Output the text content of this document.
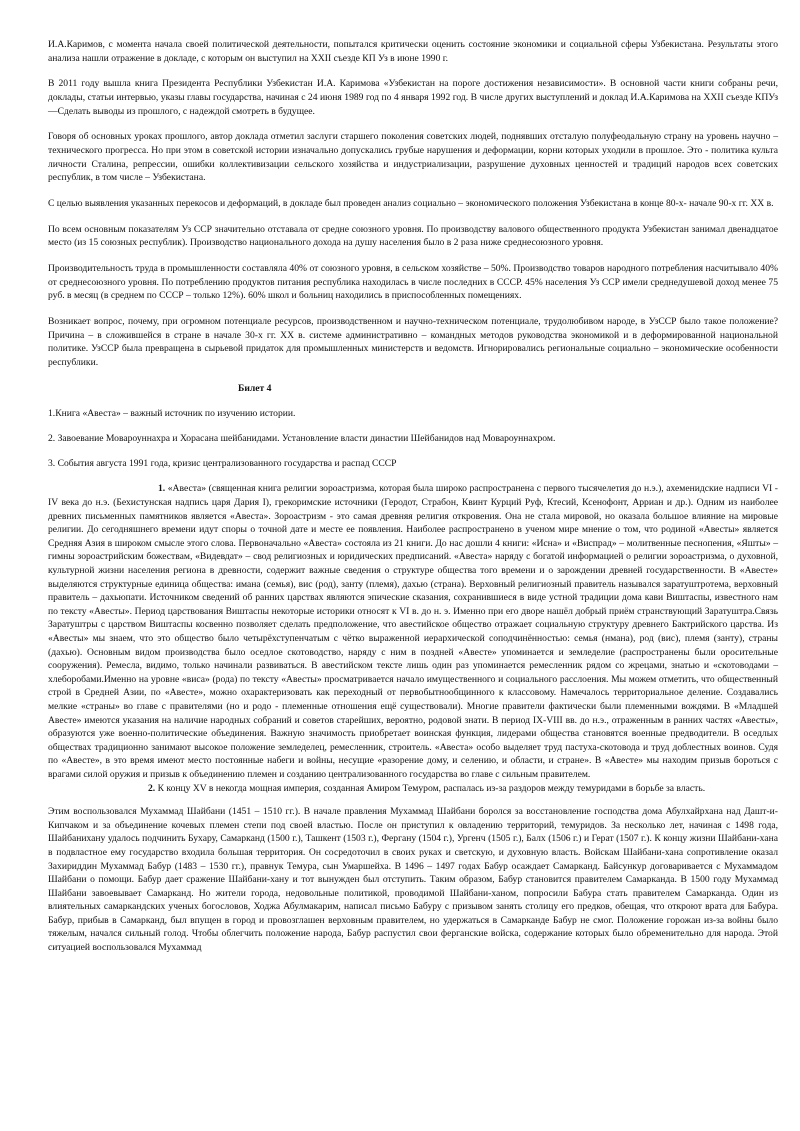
И.А.Каримов, с момента начала своей политической деятельности, попытался критически оценить состояние экономики и социальной сферы Узбекистана. Результаты этого анализа нашли отражение в докладе, с которым он выступил на XXII съезде КП Уз в июне 1990 г.

В 2011 году вышла книга Президента Республики Узбекистан И.А. Каримова «Узбекистан на пороге достижения независимости». В основной части книги собраны речи, доклады, статьи интервью, указы главы государства, начиная с 24 июня 1989 год по 4 января 1992 год. В числе других выступлений и доклад И.А.Каримова на XXII съезде КПУз —Сделать выводы из прошлого, с надеждой смотреть в будущее.

Говоря об основных уроках прошлого, автор доклада отметил заслуги старшего поколения советских людей, поднявших отсталую полуфеодальную страну на уровень научно – технического прогресса. Но при этом в советской истории изначально допускались грубые нарушения и деформации, корни которых уходили в прошлое. Это - политика культа личности Сталина, репрессии, ошибки коллективизации сельского хозяйства и индустриализации, разрушение духовных ценностей и традиций народов всех советских республик, в том числе – Узбекистана.

С целью выявления указанных перекосов и деформаций, в докладе был проведен анализ социально – экономического положения Узбекистана в конце 80-х- начале 90-х гг. XX в.

По всем основным показателям Уз ССР значительно отставала от средне союзного уровня. По производству валового общественного продукта Узбекистан занимал двенадцатое место (из 15 союзных республик). Производство национального дохода на душу населения было в 2 раза ниже среднесоюзного уровня.

Производительность труда в промышленности составляла 40% от союзного уровня, в сельском хозяйстве – 50%. Производство товаров народного потребления насчитывало 40% от среднесоюзного уровня. По потреблению продуктов питания республика находилась в числе последних в СССР. 45% населения Уз ССР имели среднедушевой доход менее 75 руб. в месяц (в среднем по СССР – только 12%). 60% школ и больниц находились в приспособленных помещениях.

Возникает вопрос, почему, при огромном потенциале ресурсов, производственном и научно-техническом потенциале, трудолюбивом народе, в УзССР было такое положение? Причина – в сложившейся в стране в начале 30-х гг. XX в. системе административно – командных методов руководства экономикой и в деформированной национальной политике. УзССР была превращена в сырьевой придаток для промышленных министерств и ведомств. Игнорировались региональные социально – экономические особенности республики.

Билет 4

1.Книга «Авеста» – важный источник по изучению истории.

2. Завоевание Мовароуннахра и Хорасана шейбанидами. Установление власти династии Шейбанидов над Мовароуннахром.

3. События августа 1991 года, кризис централизованного государства и распад СССР

1. «Авеста» (священная книга религии зороастризма, которая была широко распространена с первого тысячелетия до н.э.), ахеменидские надписи VI - IV века до н.э. (Бехистунская надпись царя Дария I), грекоримские источники (Геродот, Страбон, Квинт Курций Руф, Ктесий, Ксенофонт, Арриан и др.). Одним из наиболее древних письменных памятников является «Авеста». Зороастризм - это самая древняя религия откровения. Она не стала мировой, но оказала большое влияние на мировые религии. До сегодняшнего времени идут споры о точной дате и месте ее появления. Наиболее распространено в ученом мире мнение о том, что родиной «Авесты» является Средняя Азия в широком смысле этого слова. Первоначально «Авеста» состояла из 21 книги. До нас дошли 4 книги: «Исна» и «Виспрад» – молитвенные песнопения, «Яшты» – гимны зороастрийским божествам, «Видевдат» – свод религиозных и юридических предписаний. «Авеста» наряду с богатой информацией о религии зороастризма, о духовной, культурной жизни населения региона в древности, содержит важные сведения о структуре общества того времени и о зарождении древней государственности. В «Авесте» выделяются структурные единица общества: имана (семья), вис (род), занту (племя), дахью (страна). Верховный религиозный правитель назывался заратуштротема, верховный правитель – дахьюпати. Источником сведений об ранних царствах являются эпические сказания, сохранившиеся в виде устной традиции дома кави Виштаспы, известного нам по тексту «Авесты». Период царствования Виштаспы некоторые историки относят к VI в. до н. э. Именно при его дворе нашёл добрый приём странствующий Заратуштра.Связь Заратуштры с царством Виштаспы косвенно позволяет сделать предположение, что авестийское общество отражает социальную структуру древнего Бактрийского царства. Из «Авесты» мы знаем, что это общество было четырёхступенчатым с чётко выраженной иерархической соподчинённостью: семья (нмана), род (вис), племя (занту), страны (дахью). Основным видом производства было оседлое скотоводство, наряду с ним в поздней «Авесте» упоминается и земледелие (распространены были оросительные сооружения). Ремесла, видимо, только начинали развиваться. В авестийском тексте лишь один раз упоминается ремесленник рядом со жрецами, знатью и «скотоводами – хлеборобами.Именно на уровне «виса» (рода) по тексту «Авесты» просматривается начало имущественного и социального расслоения. Мы можем отметить, что общественный строй в Средней Азии, по «Авесте», можно охарактеризовать как переходный от первобытнообщинного к классовому. Намечалось территориальное деление. Создавались мелкие «страны» во главе с правителями (но и родо - племенные отношения ещё существовали). Многие правители фактически были племенными вождями. В «Младшей Авесте» имеются указания на наличие народных собраний и советов старейших, вероятно, родовой знати. В период IX-VIII вв. до н.э., отраженным в ранних частях «Авесты», образуются уже военно-политические объединения. Важную значимость приобретает воинская функция, лидерами общества становятся военные предводители. В оседлых обществах традиционно занимают высокое положение земледелец, ремесленник, строитель. «Авеста» особо выделяет труд пастуха-скотовода и труд доблестных воинов. Судя по «Авесте», в это время имеют место постоянные набеги и войны, несущие «разорение дому, и селению, и области, и стране». В «Авесте» мы находим призыв бороться с врагами силой оружия и призыв к объединению племен и созданию централизованного государства во главе с сильным правителем.

2. К концу XV в некогда мощная империя, созданная Амиром Темуром, распалась из-за раздоров между темуридами в борьбе за власть.

Этим воспользовался Мухаммад Шайбани (1451 – 1510 гг.). В начале правления Мухаммад Шайбани боролся за восстановление господства дома Абулхайрхана над Дашт-и-Кипчаком и за объединение кочевых племен степи под своей властью. После он приступил к овладению территорий, темуридов. За несколько лет, начиная с 1498 года, Шайбанихану удалось подчинить Бухару, Самарканд (1500 г.), Ташкент (1503 г.), Фергану (1504 г.), Ургенч (1505 г.), Балх (1506 г.) и Герат (1507 г.). К концу жизни Шайбани-хана в подвластное ему государство входила большая территория. Он сосредоточил в своих руках и светскую, и духовную власть. Войскам Шайбани-хана сопротивление оказал Захириддин Мухаммад Бабур (1483 – 1530 гг.), правнук Темура, сын Умаршейха. В 1496 – 1497 годах Бабур осаждает Самарканд. Байсункур договаривается с Мухаммадом Шайбани о помощи. Бабур дает сражение Шайбани-хану и тот вынужден был отступить. Таким образом, Бабур становится правителем Самарканда. В 1500 году Мухаммад Шайбани завоевывает Самарканд. Но жители города, недовольные политикой, проводимой Шайбани-ханом, попросили Бабура стать правителем Самарканда. Один из влиятельных самаркандских ученых богословов, Ходжа Абулмакарим, написал письмо Бабуру с призывом занять столицу его предков, обещая, что откроют врата для Бабура. Бабур, прибыв в Самарканд, был впущен в город и провозглашен верховным правителем, но удержаться в Самарканде Бабур не смог. Положение горожан из-за войны было тяжелым, начался сильный голод. Чтобы облегчить положение народа, Бабур распустил свои ферганские войска, содержание которых было обременительно для народа. Этой ситуацией воспользовался Мухаммад
